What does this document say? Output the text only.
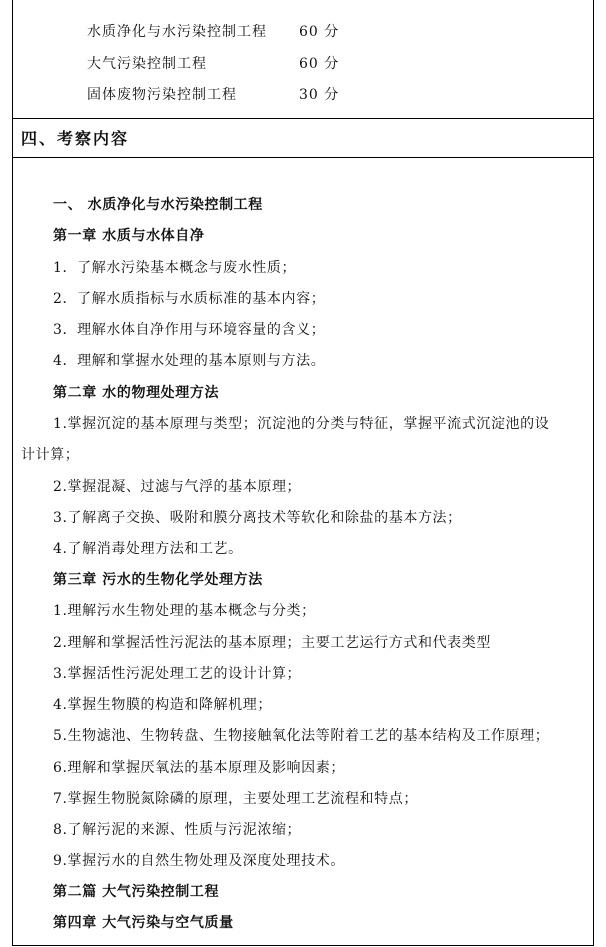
水质净化与水污染控制工程 60 分
大气污染控制工程	60 分
固体废物污染控制工程	30 分
四、考察内容
一、 水质净化与水污染控制工程
第一章 水质与水体自净
1．了解水污染基本概念与废水性质；
2．了解水质指标与水质标准的基本内容；
3．理解水体自净作用与环境容量的含义；
4．理解和掌握水处理的基本原则与方法。
第二章 水的物理处理方法
1.掌握沉淀的基本原理与类型；沉淀池的分类与特征，掌握平流式沉淀池的设
计计算；
2.掌握混凝、过滤与气浮的基本原理；
3.了解离子交换、吸附和膜分离技术等软化和除盐的基本方法；
4.了解消毒处理方法和工艺。
第三章 污水的生物化学处理方法
1.理解污水生物处理的基本概念与分类；
2.理解和掌握活性污泥法的基本原理；主要工艺运行方式和代表类型
3.掌握活性污泥处理工艺的设计计算；
4.掌握生物膜的构造和降解机理；
5.生物滤池、生物转盘、生物接触氧化法等附着工艺的基本结构及工作原理；
6.理解和掌握厌氧法的基本原理及影响因素；
7.掌握生物脱氮除磷的原理，主要处理工艺流程和特点；
8.了解污泥的来源、性质与污泥浓缩；
9.掌握污水的自然生物处理及深度处理技术。
第二篇 大气污染控制工程
第四章 大气污染与空气质量
